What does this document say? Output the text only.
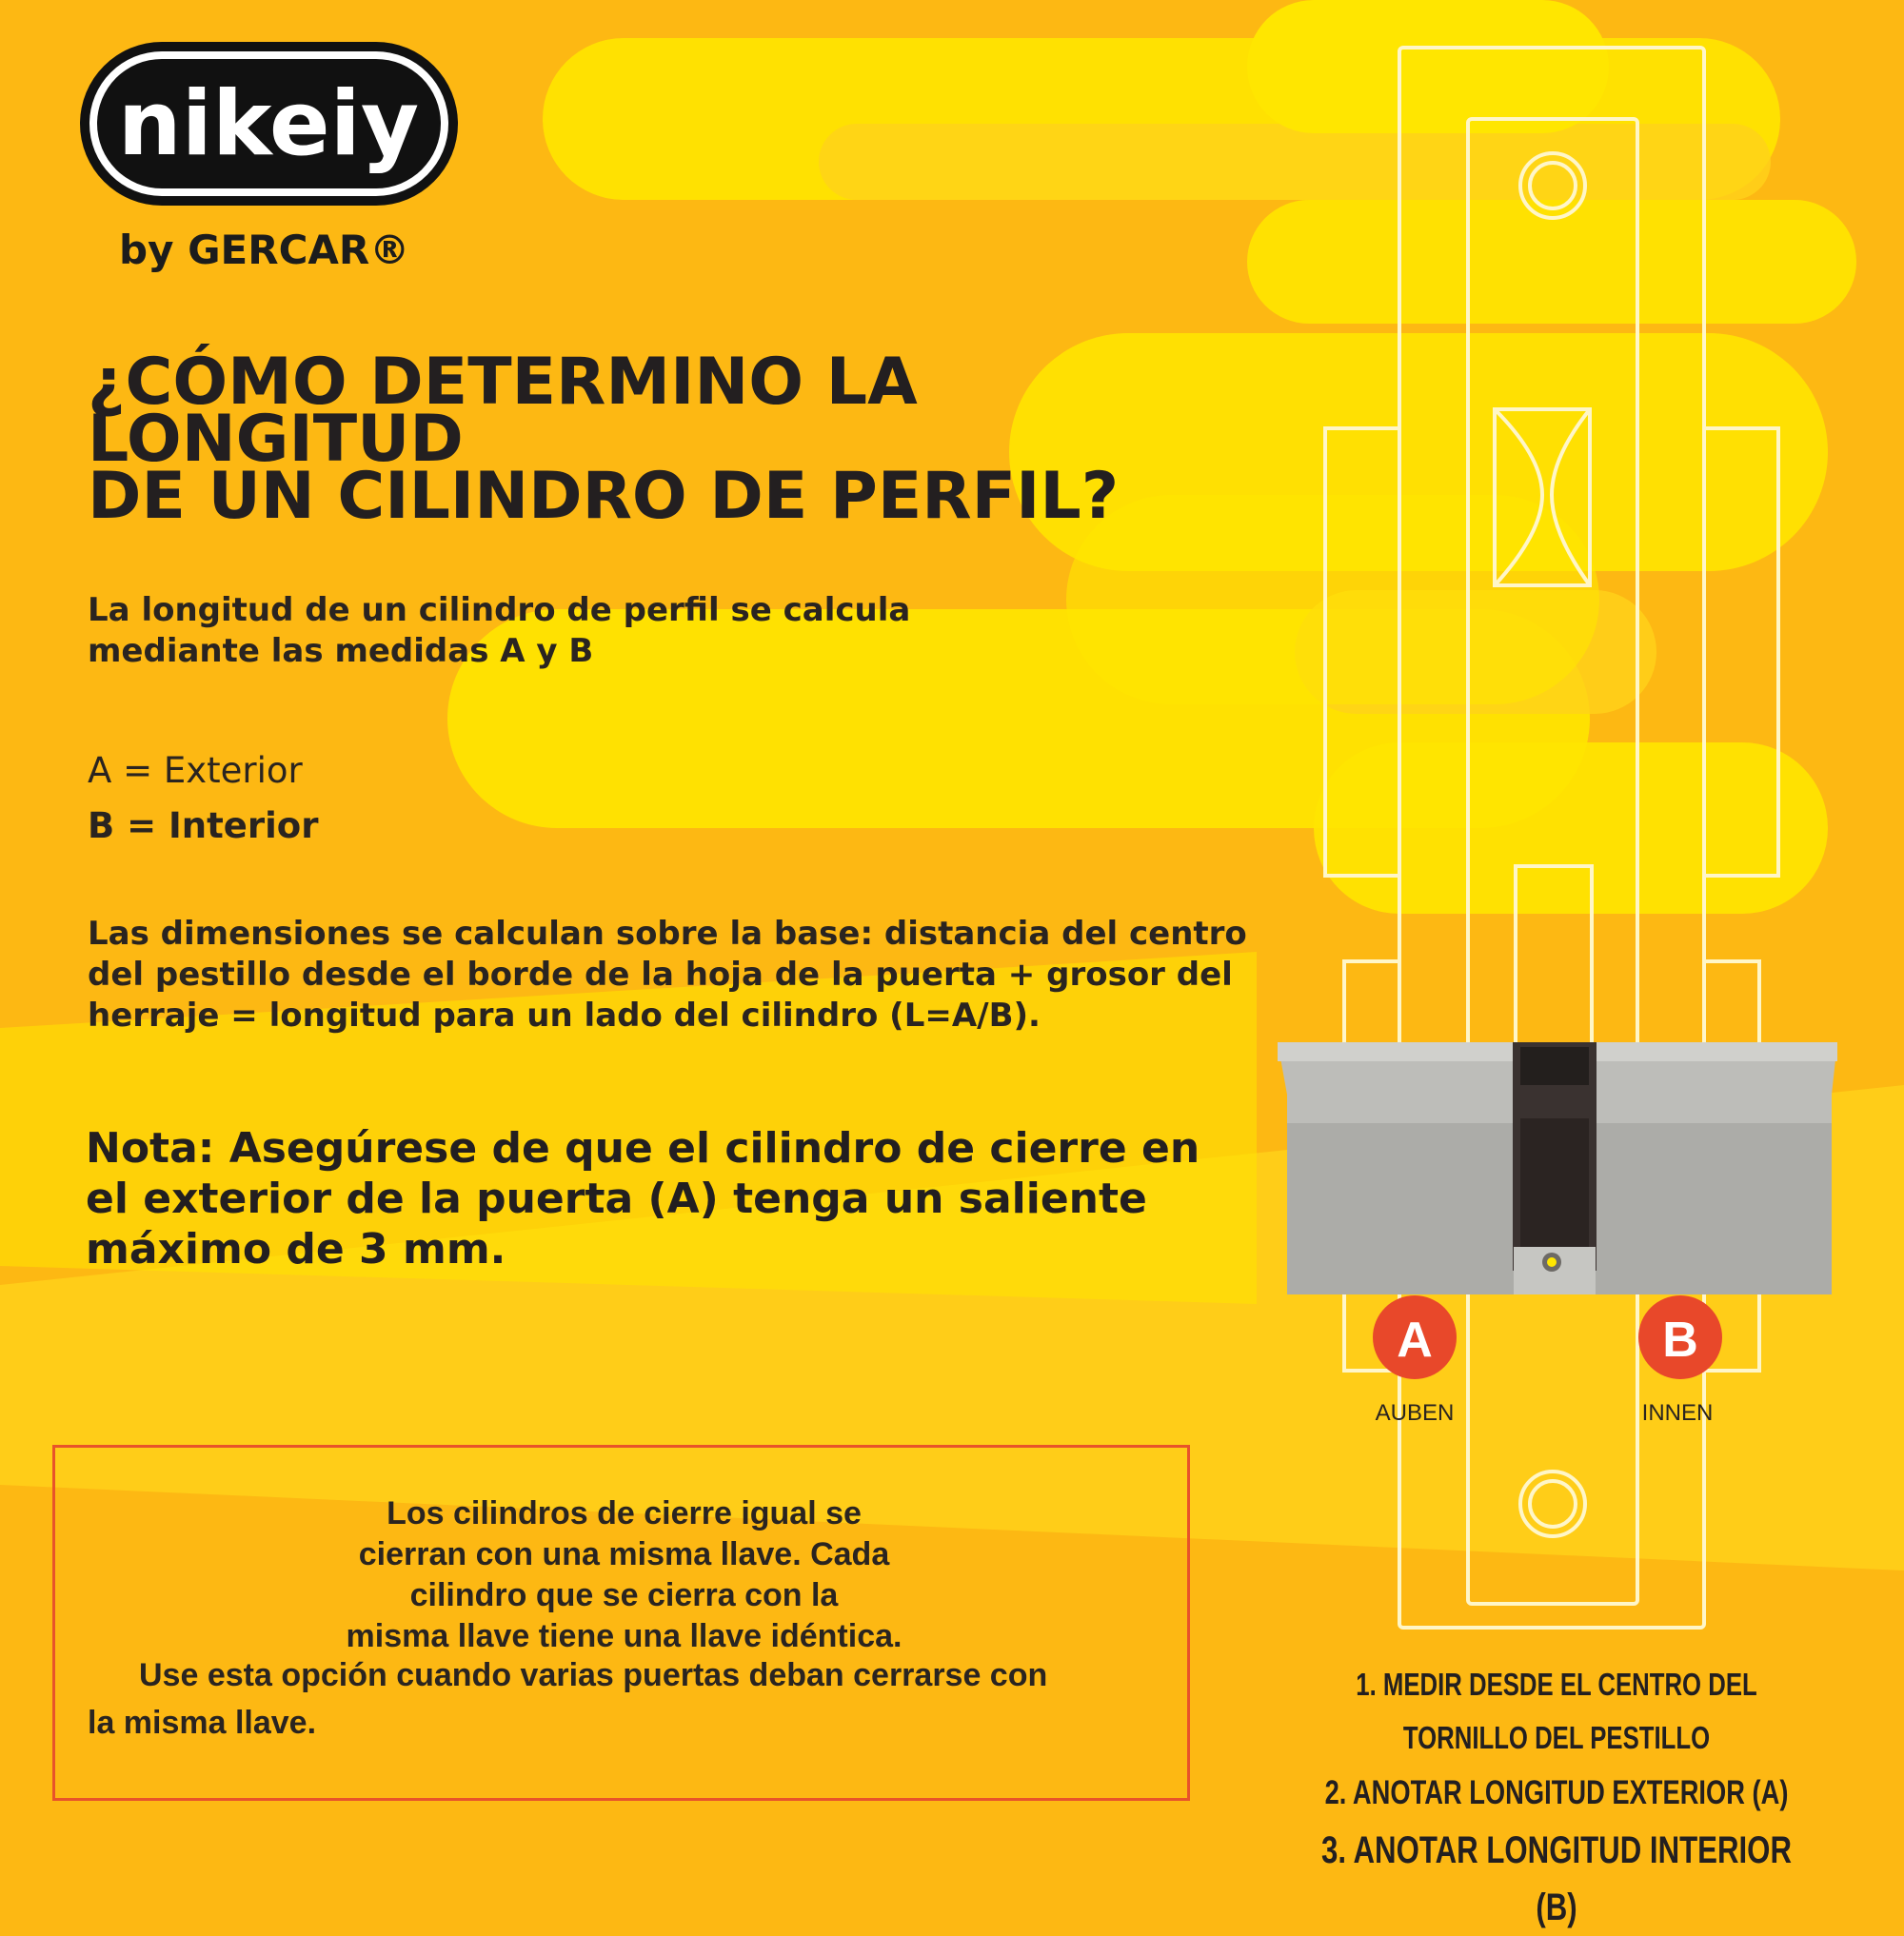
nikeiy
by GERCAR®
¿CÓMO DETERMINO LA LONGITUD
DE UN CILINDRO DE PERFIL?
La longitud de un cilindro de perfil se calcula
mediante las medidas A y B
A = Exterior
B = Interior
Las dimensiones se calculan sobre la base: distancia del centro
del pestillo desde el borde de la hoja de la puerta + grosor del
herraje = longitud para un lado del cilindro (L=A/B).
Nota: Asegúrese de que el cilindro de cierre en
el exterior de la puerta (A) tenga un saliente
máximo de 3 mm.
Los cilindros de cierre igual se
cierran con una misma llave. Cada
cilindro que se cierra con la
misma llave tiene una llave idéntica.
Use esta opción cuando varias puertas deban cerrarse con
la misma llave.
A	B
AUBEN	INNEN
1. MEDIR DESDE EL CENTRO DEL TORNILLO DEL PESTILLO
2. ANOTAR LONGITUD EXTERIOR (A)
3. ANOTAR LONGITUD INTERIOR (B)
